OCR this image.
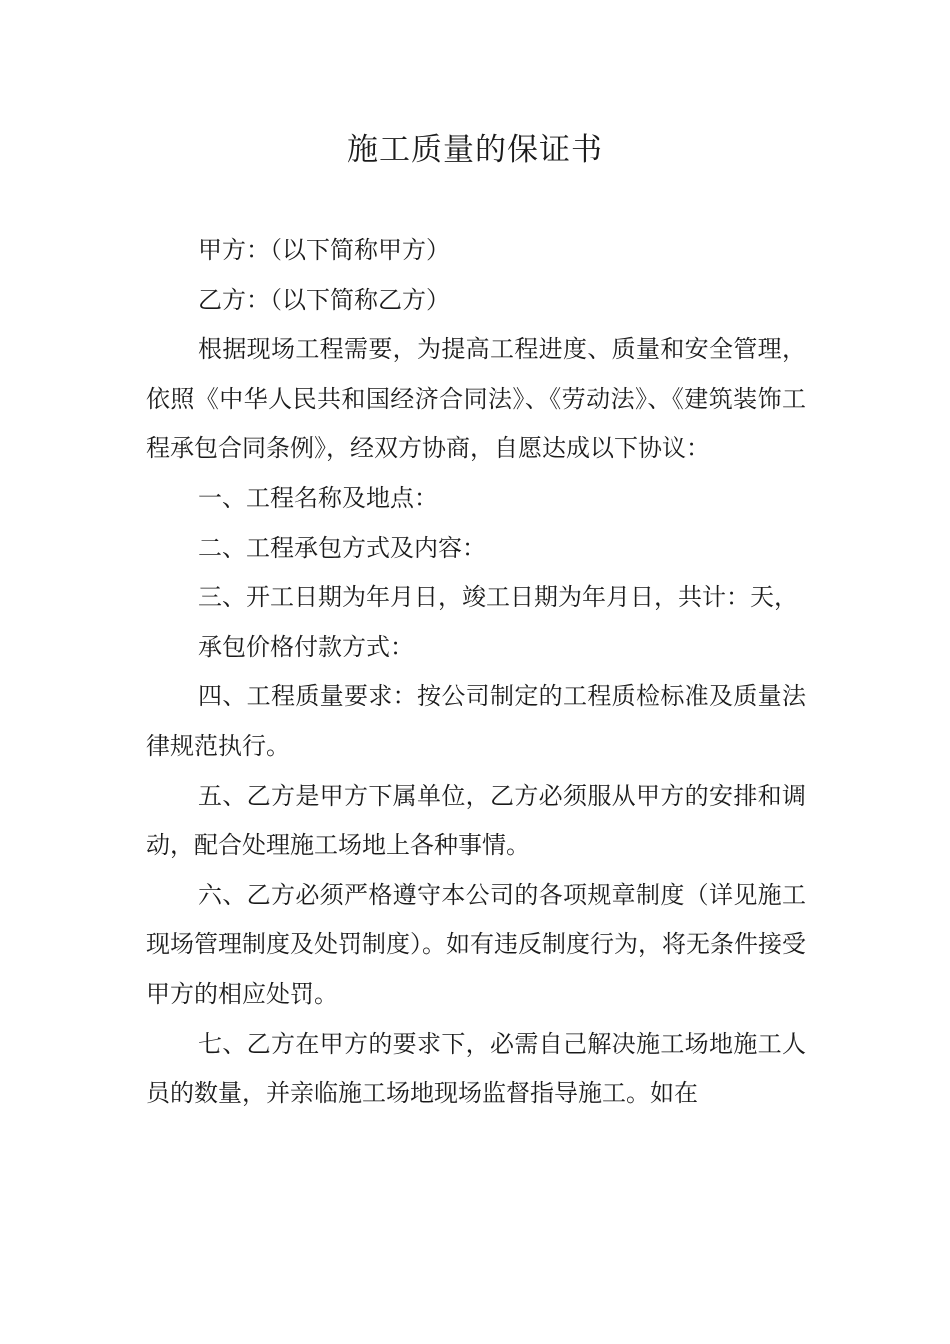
施工质量的保证书

甲方：（以下简称甲方）

乙方：（以下简称乙方）

根据现场工程需要，为提高工程进度、质量和安全管理，依照《中华人民共和国经济合同法》、《劳动法》、《建筑装饰工程承包合同条例》，经双方协商，自愿达成以下协议：

一、工程名称及地点：

二、工程承包方式及内容：

三、开工日期为年月日，竣工日期为年月日，共计：天，

承包价格付款方式：

四、工程质量要求：按公司制定的工程质检标准及质量法律规范执行。

五、乙方是甲方下属单位，乙方必须服从甲方的安排和调动，配合处理施工场地上各种事情。

六、乙方必须严格遵守本公司的各项规章制度（详见施工现场管理制度及处罚制度）。如有违反制度行为，将无条件接受甲方的相应处罚。

七、乙方在甲方的要求下，必需自己解决施工场地施工人员的数量，并亲临施工场地现场监督指导施工。如在
